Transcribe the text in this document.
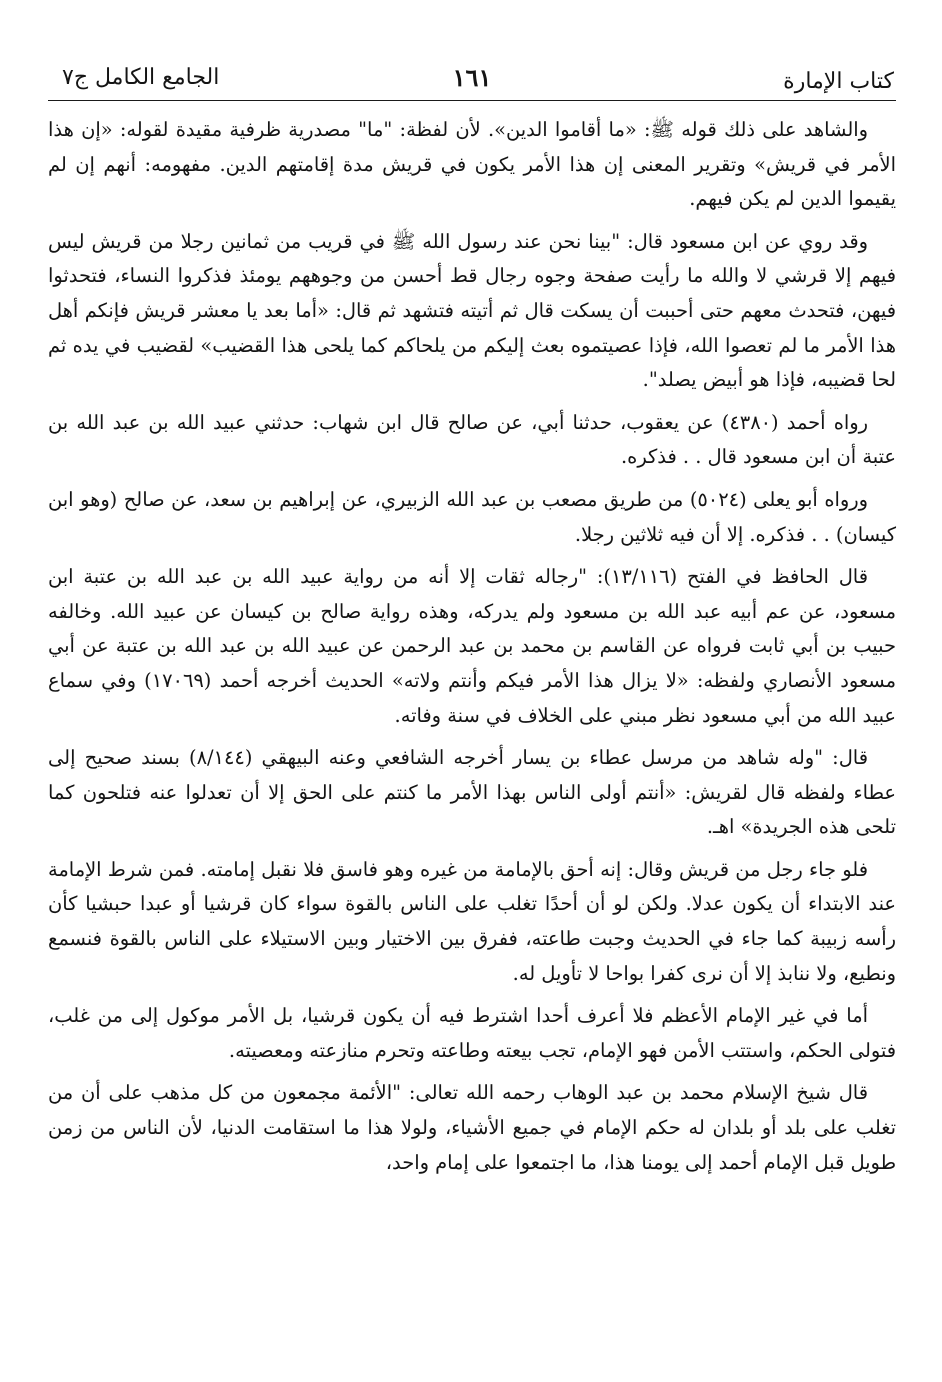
كتاب الإمارة
١٦١
الجامع الكامل ج٧

والشاهد على ذلك قوله ﷺ: «ما أقاموا الدين». لأن لفظة: "ما" مصدرية ظرفية مقيدة لقوله: «إن هذا الأمر في قريش» وتقرير المعنى إن هذا الأمر يكون في قريش مدة إقامتهم الدين. مفهومه: أنهم إن لم يقيموا الدين لم يكن فيهم.

وقد روي عن ابن مسعود قال: "بينا نحن عند رسول الله ﷺ في قريب من ثمانين رجلا من قريش ليس فيهم إلا قرشي لا والله ما رأيت صفحة وجوه رجال قط أحسن من وجوههم يومئذ فذكروا النساء، فتحدثوا فيهن، فتحدث معهم حتى أحببت أن يسكت قال ثم أتيته فتشهد ثم قال: «أما بعد يا معشر قريش فإنكم أهل هذا الأمر ما لم تعصوا الله، فإذا عصيتموه بعث إليكم من يلحاكم كما يلحى هذا القضيب» لقضيب في يده ثم لحا قضيبه، فإذا هو أبيض يصلد".

رواه أحمد (٤٣٨٠) عن يعقوب، حدثنا أبي، عن صالح قال ابن شهاب: حدثني عبيد الله بن عبد الله بن عتبة أن ابن مسعود قال . . فذكره.

ورواه أبو يعلى (٥٠٢٤) من طريق مصعب بن عبد الله الزبيري، عن إبراهيم بن سعد، عن صالح (وهو ابن كيسان) . . فذكره. إلا أن فيه ثلاثين رجلا.

قال الحافظ في الفتح (١٣/١١٦): "رجاله ثقات إلا أنه من رواية عبيد الله بن عبد الله بن عتبة ابن مسعود، عن عم أبيه عبد الله بن مسعود ولم يدركه، وهذه رواية صالح بن كيسان عن عبيد الله. وخالفه حبيب بن أبي ثابت فرواه عن القاسم بن محمد بن عبد الرحمن عن عبيد الله بن عبد الله بن عتبة عن أبي مسعود الأنصاري ولفظه: «لا يزال هذا الأمر فيكم وأنتم ولاته» الحديث أخرجه أحمد (١٧٠٦٩) وفي سماع عبيد الله من أبي مسعود نظر مبني على الخلاف في سنة وفاته.

قال: "وله شاهد من مرسل عطاء بن يسار أخرجه الشافعي وعنه البيهقي (٨/١٤٤) بسند صحيح إلى عطاء ولفظه قال لقريش: «أنتم أولى الناس بهذا الأمر ما كنتم على الحق إلا أن تعدلوا عنه فتلحون كما تلحى هذه الجريدة» اهـ.

فلو جاء رجل من قريش وقال: إنه أحق بالإمامة من غيره وهو فاسق فلا نقبل إمامته. فمن شرط الإمامة عند الابتداء أن يكون عدلا. ولكن لو أن أحدًا تغلب على الناس بالقوة سواء كان قرشيا أو عبدا حبشيا كأن رأسه زبيبة كما جاء في الحديث وجبت طاعته، ففرق بين الاختيار وبين الاستيلاء على الناس بالقوة فنسمع ونطيع، ولا ننابذ إلا أن نرى كفرا بواحا لا تأويل له.

أما في غير الإمام الأعظم فلا أعرف أحدا اشترط فيه أن يكون قرشيا، بل الأمر موكول إلى من غلب، فتولى الحكم، واستتب الأمن فهو الإمام، تجب بيعته وطاعته وتحرم منازعته ومعصيته.

قال شيخ الإسلام محمد بن عبد الوهاب رحمه الله تعالى: "الأئمة مجمعون من كل مذهب على أن من تغلب على بلد أو بلدان له حكم الإمام في جميع الأشياء، ولولا هذا ما استقامت الدنيا، لأن الناس من زمن طويل قبل الإمام أحمد إلى يومنا هذا، ما اجتمعوا على إمام واحد،
